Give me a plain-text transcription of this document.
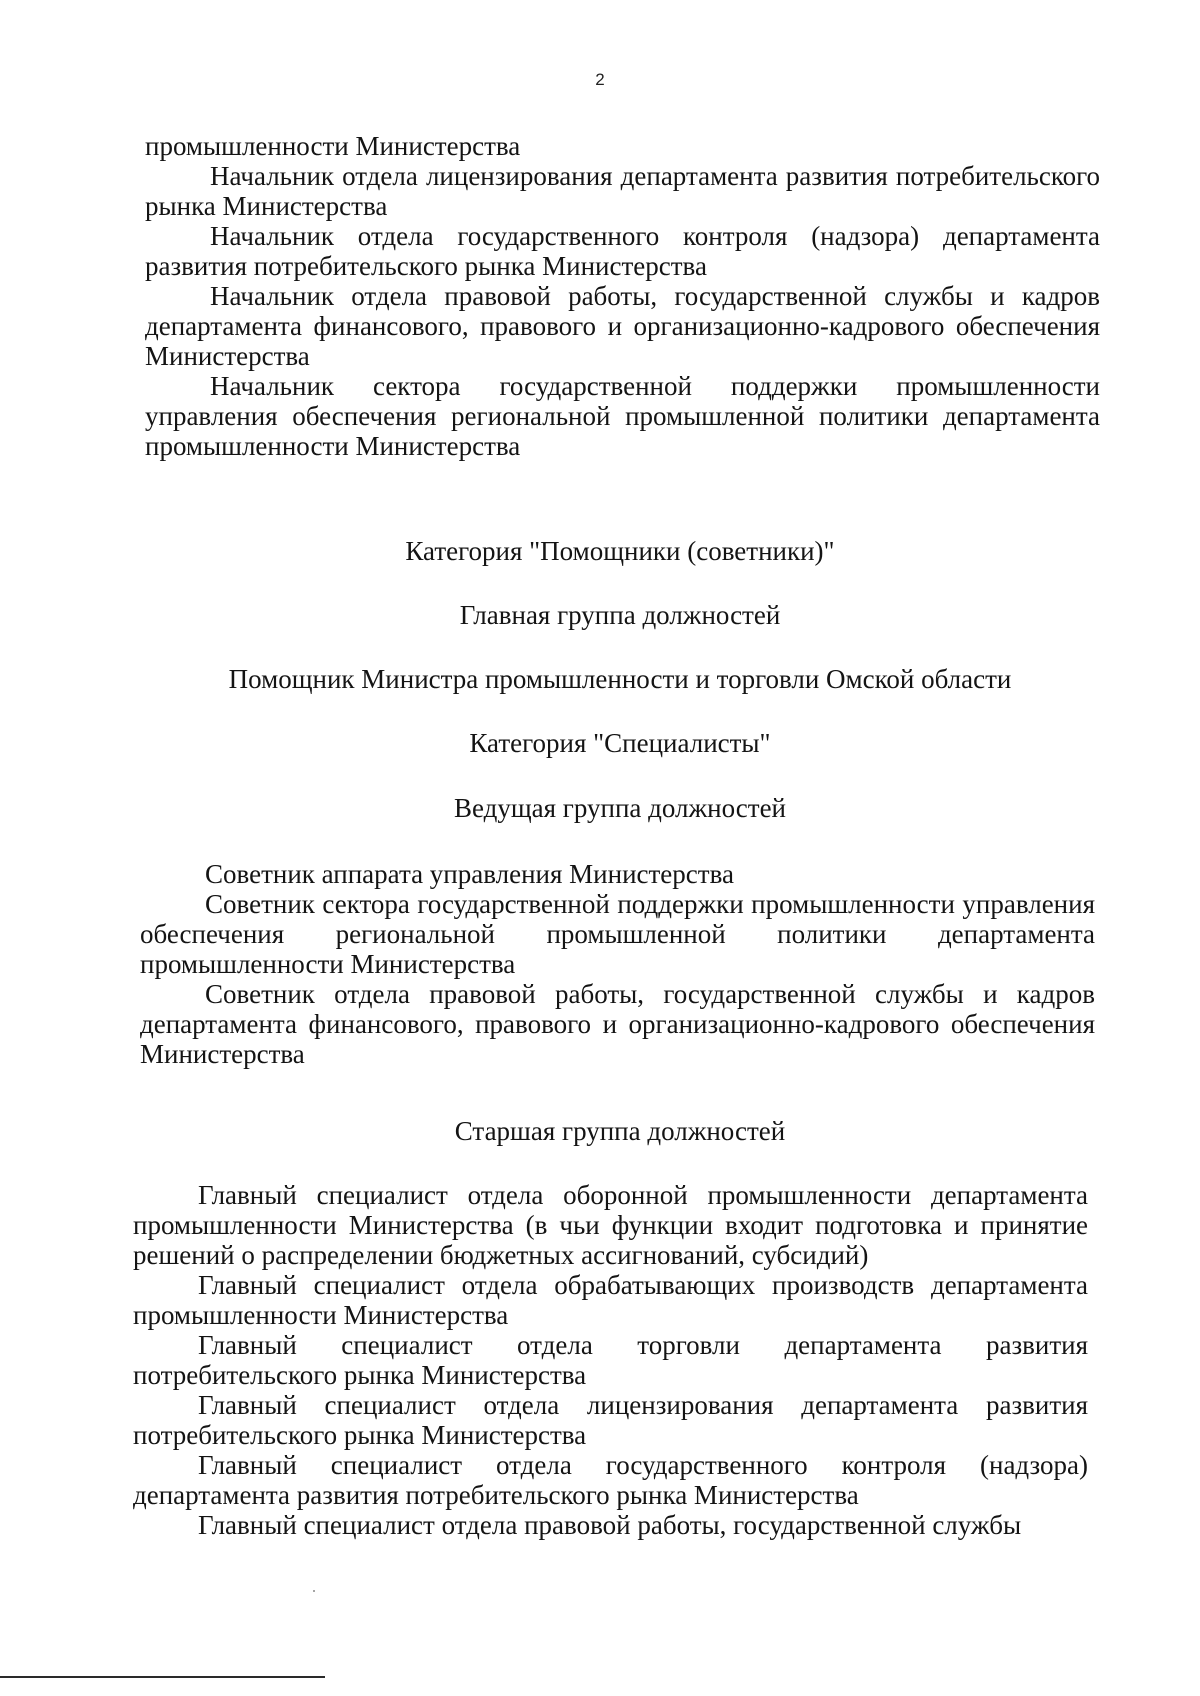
2

промышленности Министерства

Начальник отдела лицензирования департамента развития потребительского рынка Министерства

Начальник отдела государственного контроля (надзора) департамента развития потребительского рынка Министерства

Начальник отдела правовой работы, государственной службы и кадров департамента финансового, правового и организационно-кадрового обеспечения Министерства

Начальник сектора государственной поддержки промышленности управления обеспечения региональной промышленной политики департамента промышленности Министерства

Категория "Помощники (советники)"
Главная группа должностей
Помощник Министра промышленности и торговли Омской области
Категория "Специалисты"
Ведущая группа должностей

Советник аппарата управления Министерства

Советник сектора государственной поддержки промышленности управления обеспечения региональной промышленной политики департамента промышленности Министерства

Советник отдела правовой работы, государственной службы и кадров департамента финансового, правового и организационно-кадрового обеспечения Министерства

Старшая группа должностей

Главный специалист отдела оборонной промышленности департамента промышленности Министерства (в чьи функции входит подготовка и принятие решений о распределении бюджетных ассигнований, субсидий)

Главный специалист отдела обрабатывающих производств департамента промышленности Министерства

Главный специалист отдела торговли департамента развития потребительского рынка Министерства

Главный специалист отдела лицензирования департамента развития потребительского рынка Министерства

Главный специалист отдела государственного контроля (надзора) департамента развития потребительского рынка Министерства

Главный специалист отдела правовой работы, государственной службы
